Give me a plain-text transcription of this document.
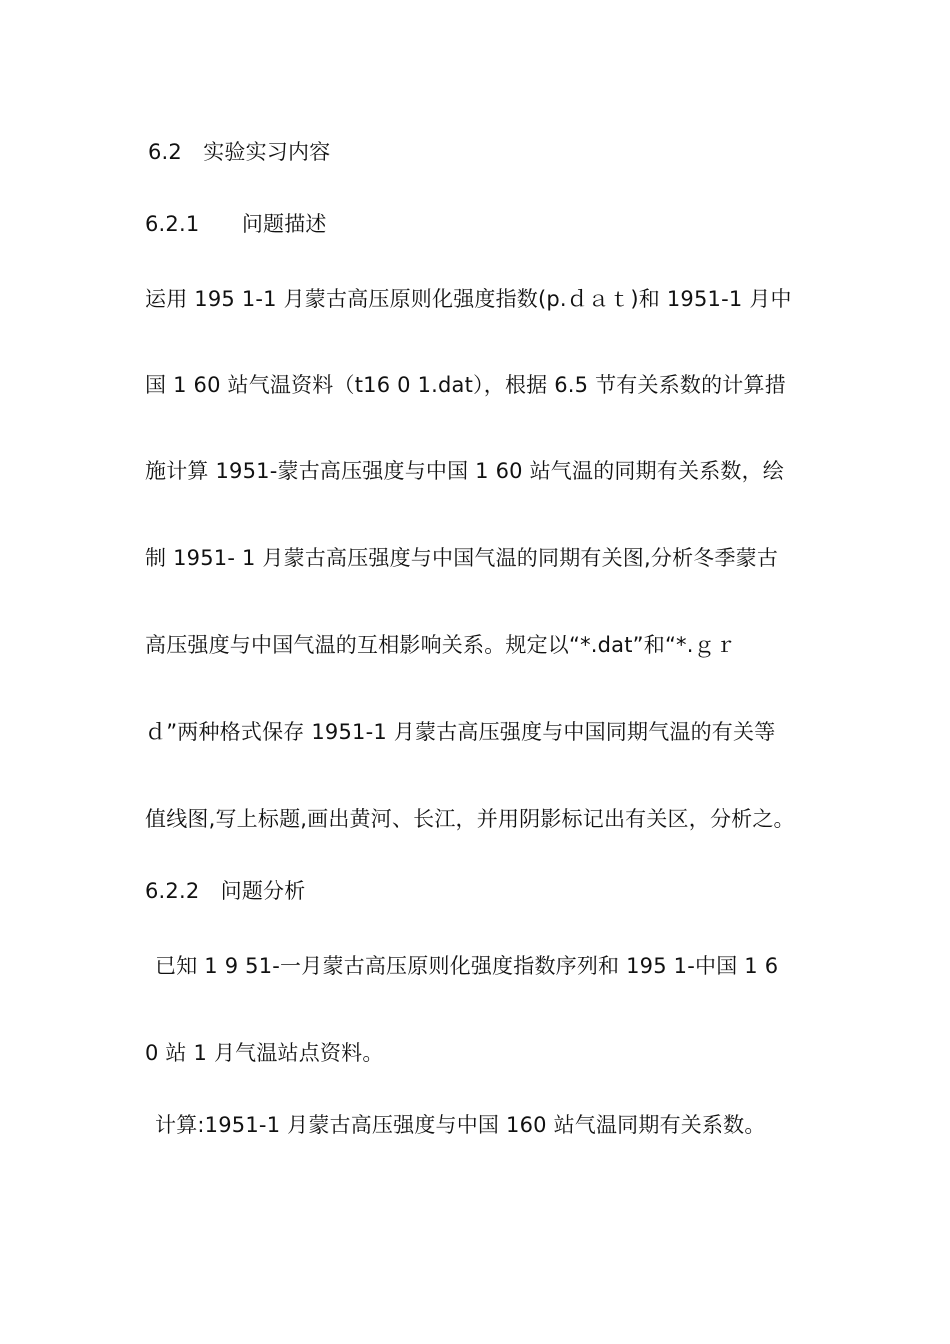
6.2　实验实习内容
6.2.1　　问题描述
运用 195 1-1 月蒙古高压原则化强度指数(p.ｄａｔ)和 1951-1 月中
国 1 60 站气温资料（t16 0 1.dat），根据 6.5 节有关系数的计算措
施计算 1951-蒙古高压强度与中国 1 60 站气温的同期有关系数，绘
制 1951- 1 月蒙古高压强度与中国气温的同期有关图,分析冬季蒙古
高压强度与中国气温的互相影响关系。规定以“*.dat”和“*.ｇｒ
ｄ”两种格式保存 1951-1 月蒙古高压强度与中国同期气温的有关等
值线图,写上标题,画出黄河、长江，并用阴影标记出有关区，分析之。
6.2.2　问题分析
已知 1 9 51-一月蒙古高压原则化强度指数序列和 195 1-中国 1 6
0 站 1 月气温站点资料。
计算:1951-1 月蒙古高压强度与中国 160 站气温同期有关系数。
